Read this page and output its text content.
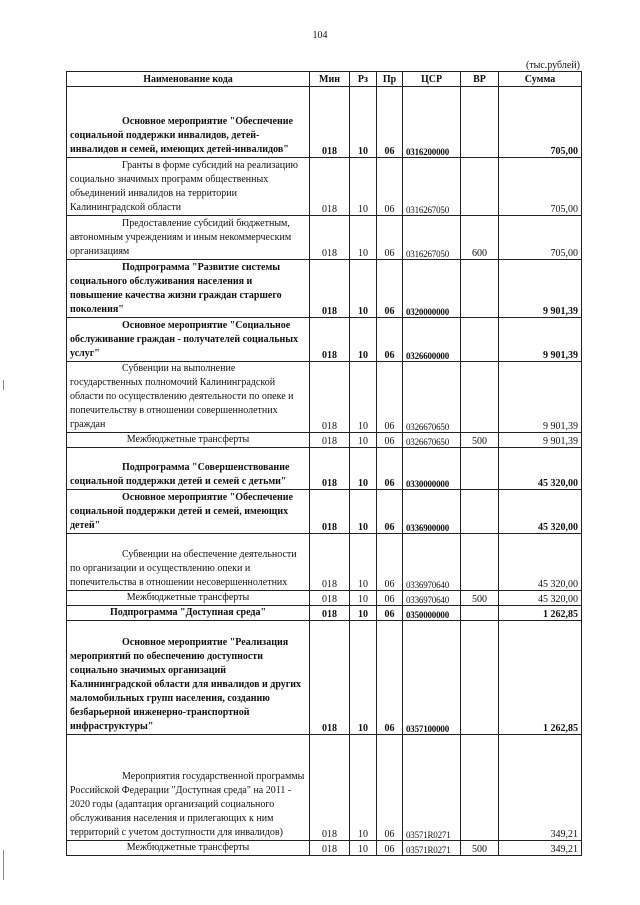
104
(тыс.рублей)
Наименование кода	Мин	Рз	Пр	ЦСР	ВР	Сумма
Основное мероприятие "Обеспечение социальной поддержки инвалидов, детей-инвалидов и семей, имеющих детей-инвалидов"	018	10	06	0316200000		705,00
Гранты в форме субсидий на реализацию социально значимых программ общественных объединений инвалидов на территории Калининградской области	018	10	06	0316267050		705,00
Предоставление субсидий бюджетным, автономным учреждениям и иным некоммерческим организациям	018	10	06	0316267050	600	705,00
Подпрограмма "Развитие системы социального обслуживания населения и повышение качества жизни граждан старшего поколения"	018	10	06	0320000000		9 901,39
Основное мероприятие "Социальное обслуживание граждан - получателей социальных услуг"	018	10	06	0326600000		9 901,39
Субвенции на выполнение государственных полномочий Калининградской области по осуществлению деятельности по опеке и попечительству в отношении совершеннолетних граждан	018	10	06	0326670650		9 901,39
Межбюджетные трансферты	018	10	06	0326670650	500	9 901,39
Подпрограмма "Совершенствование социальной поддержки детей и семей с детьми"	018	10	06	0330000000		45 320,00
Основное мероприятие "Обеспечение социальной поддержки детей и семей, имеющих детей"	018	10	06	0336900000		45 320,00
Субвенции на обеспечение деятельности по организации и осуществлению опеки и попечительства в отношении несовершеннолетних	018	10	06	0336970640		45 320,00
Межбюджетные трансферты	018	10	06	0336970640	500	45 320,00
Подпрограмма "Доступная среда"	018	10	06	0350000000		1 262,85
Основное мероприятие "Реализация мероприятий по обеспечению доступности социально значимых организаций Калининградской области для инвалидов и других маломобильных групп населения, созданию безбарьерной инженерно-транспортной инфраструктуры"	018	10	06	0357100000		1 262,85
Мероприятия государственной программы Российской Федерации "Доступная среда" на 2011 - 2020 годы (адаптация организаций социального обслуживания населения и прилегающих к ним территорий с учетом доступности для инвалидов)	018	10	06	03571R0271		349,21
Межбюджетные трансферты	018	10	06	03571R0271	500	349,21
